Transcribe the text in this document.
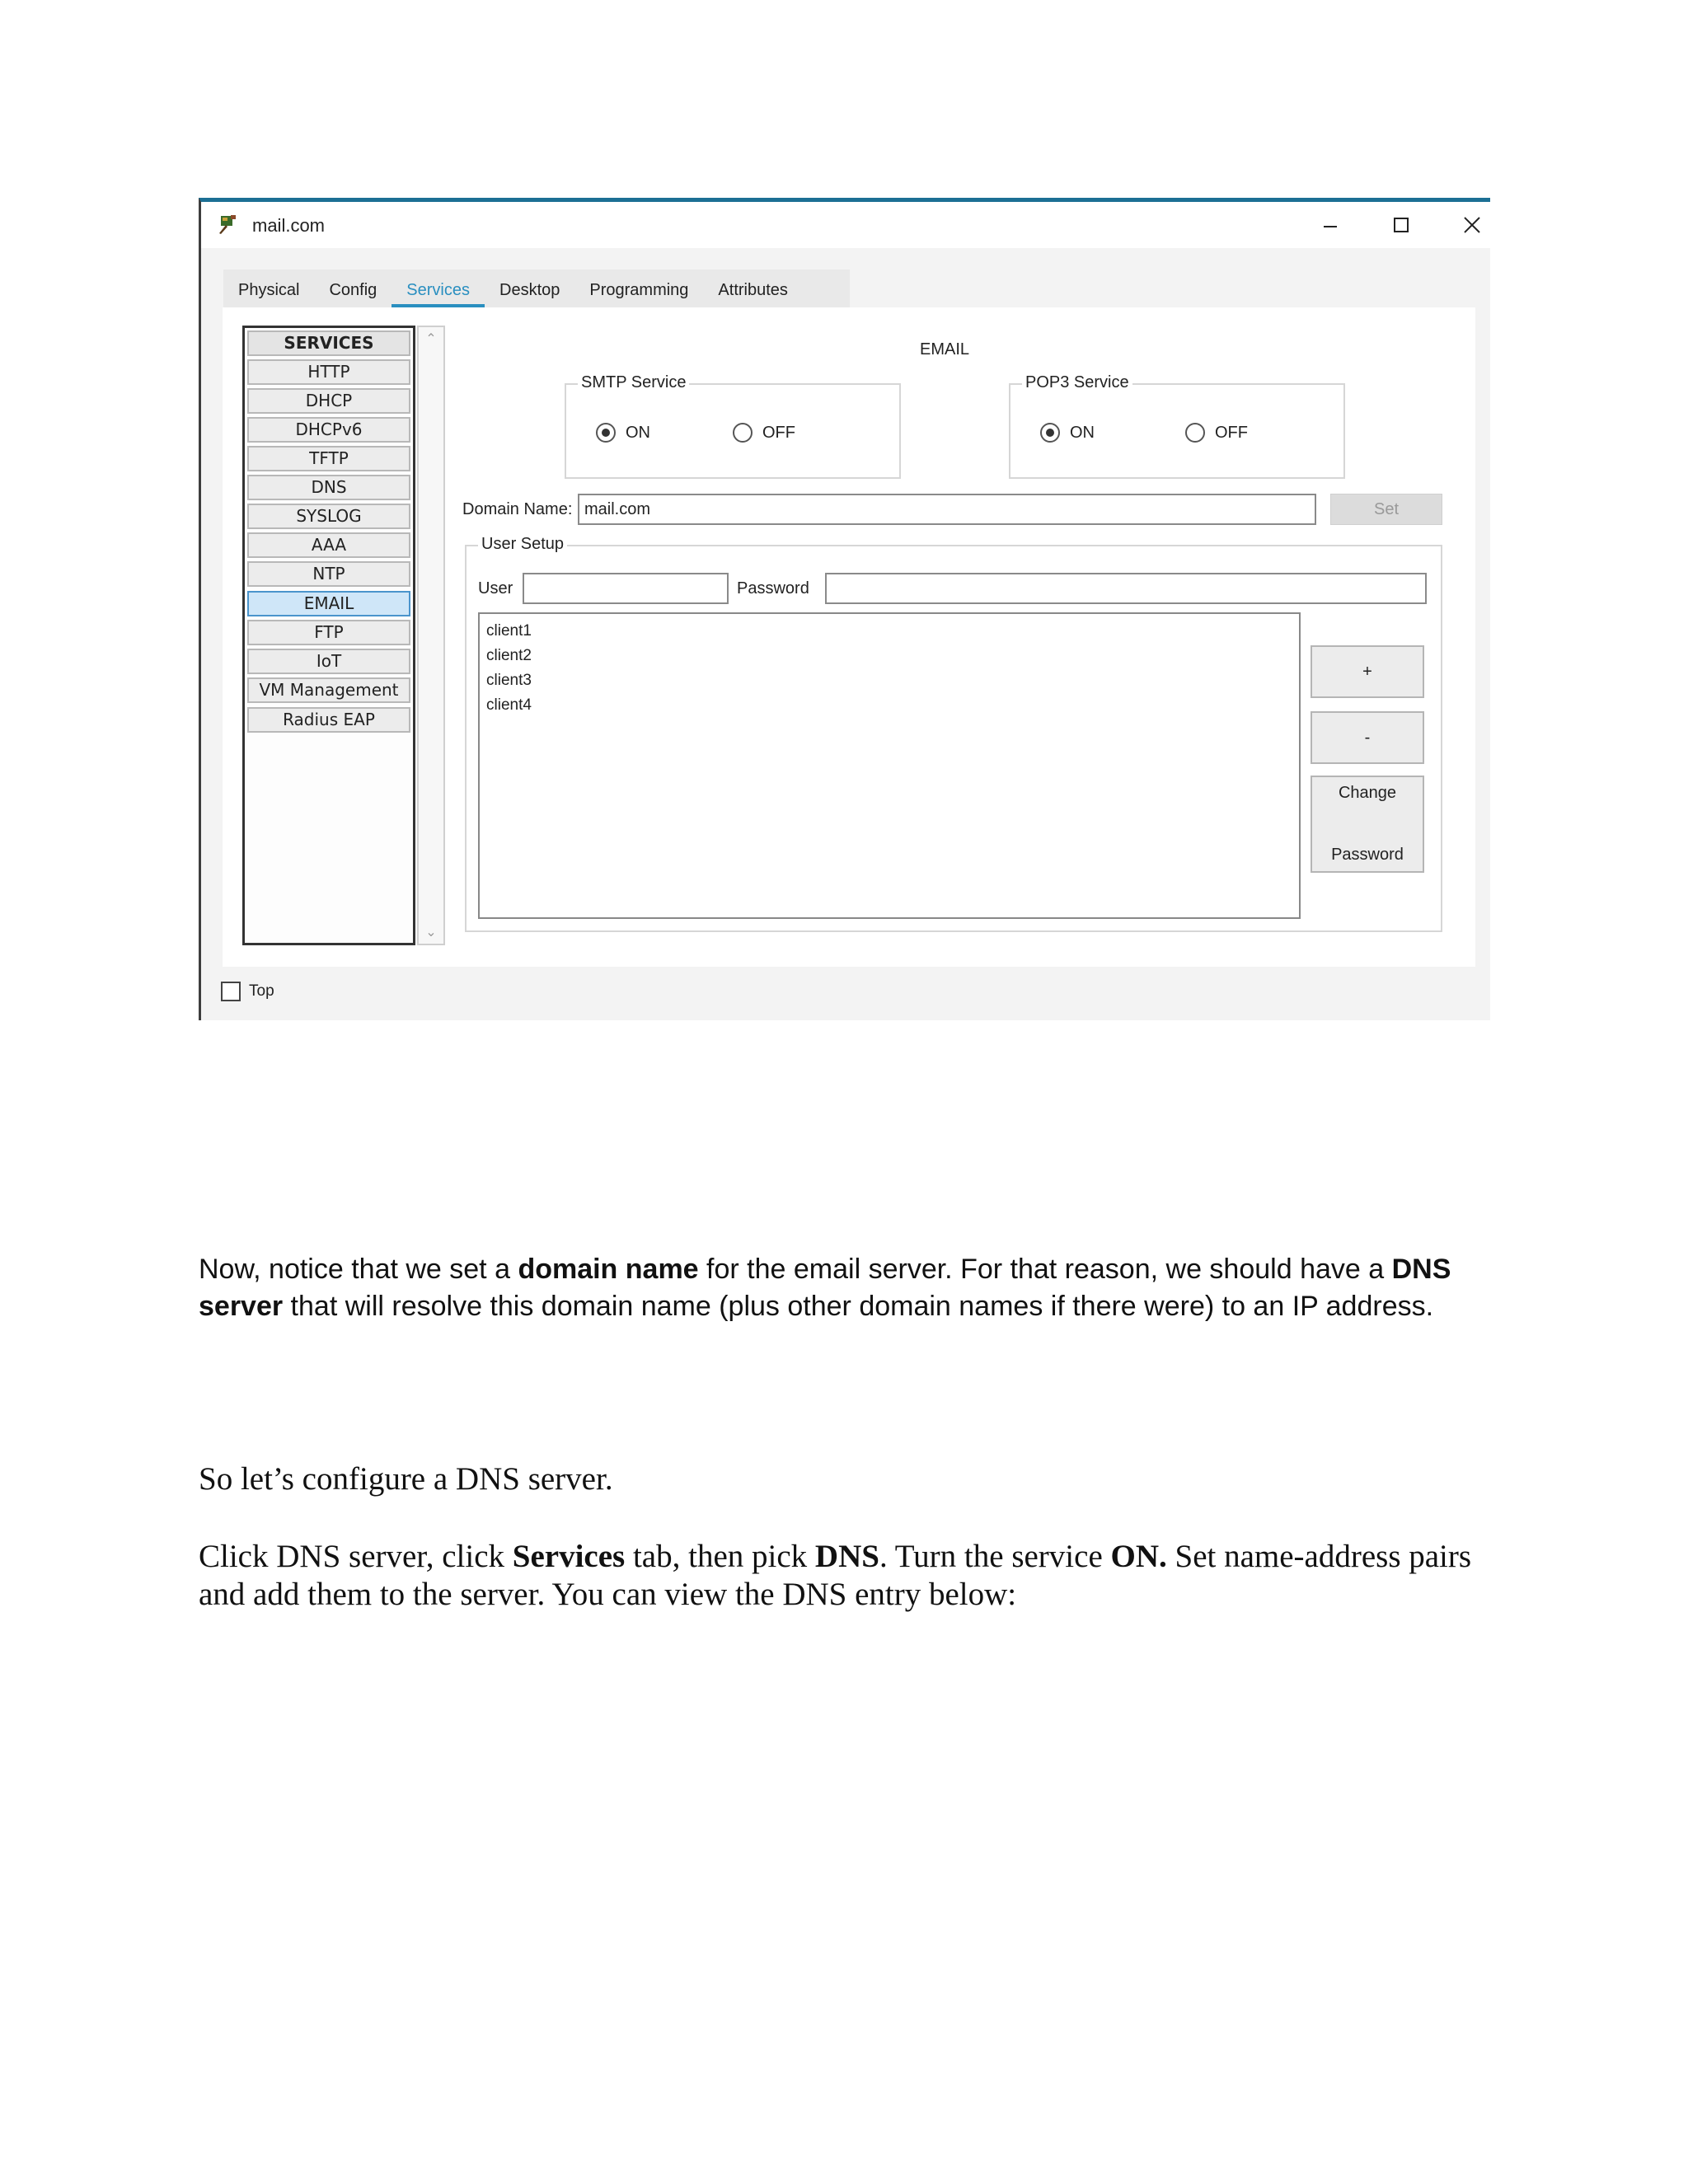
mail.com
Physical	Config	Services	Desktop	Programming	Attributes
SERVICES
HTTP
DHCP
DHCPv6
TFTP
DNS
SYSLOG
AAA
NTP
EMAIL
FTP
IoT
VM Management
Radius EAP
⌃
⌄
EMAIL
SMTP Service
ON	OFF
POP3 Service
ON	OFF
Domain Name: mail.com	Set
User Setup
User	Password
client1
client2
client3
client4
+
-
Change
Password
Top

Now, notice that we set a domain name for the email server. For that reason, we should have a DNS server that will resolve this domain name (plus other domain names if there were) to an IP address.

So let’s configure a DNS server.

Click DNS server, click Services tab, then pick DNS. Turn the service ON. Set name-address pairs and add them to the server. You can view the DNS entry below:
